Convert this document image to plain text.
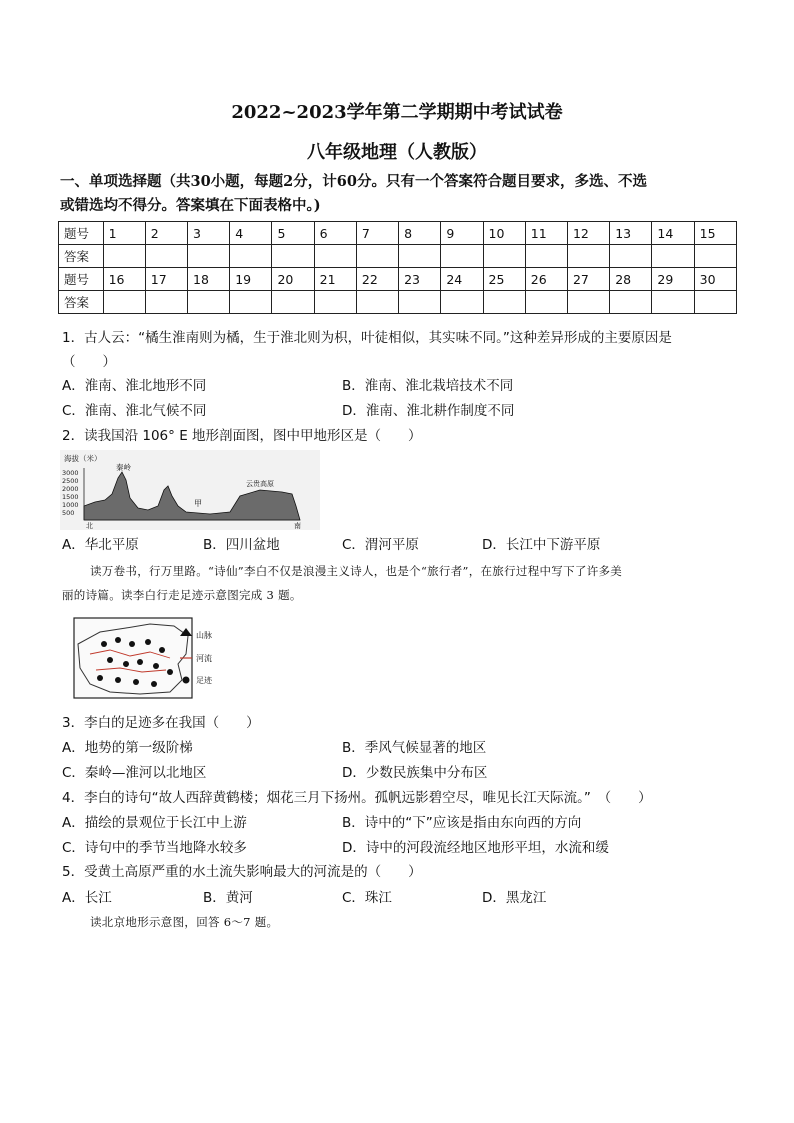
2022~2023学年第二学期期中考试试卷
八年级地理（人教版）
一、单项选择题（共30小题，每题2分，计60分。只有一个答案符合题目要求，多选、不选
或错选均不得分。答案填在下面表格中。)
题号	1	2	3	4	5	6	7	8	9	10	11	12	13	14	15
答案															
题号	16	17	18	19	20	21	22	23	24	25	26	27	28	29	30
答案															
1．古人云：“橘生淮南则为橘，生于淮北则为枳，叶徒相似，其实味不同。”这种差异形成的主要原因是
（　　）
A．淮南、淮北地形不同	B．淮南、淮北栽培技术不同
C．淮南、淮北气候不同	D．淮南、淮北耕作制度不同
2．读我国沿 106° E 地形剖面图，图中甲地形区是（　　）
海拔（米）
3000
2500
2000
1500
1000
500
秦岭
甲
云贵高原
北	南
A．华北平原	B．四川盆地	C．渭河平原	D．长江中下游平原
读万卷书，行万里路。“诗仙”李白不仅是浪漫主义诗人，也是个“旅行者”，在旅行过程中写下了许多美
丽的诗篇。读李白行走足迹示意图完成 3 题。
山脉
河流
足迹
3．李白的足迹多在我国（　　）
A．地势的第一级阶梯	B．季风气候显著的地区
C．秦岭—淮河以北地区	D．少数民族集中分布区
4．李白的诗句“故人西辞黄鹤楼；烟花三月下扬州。孤帆远影碧空尽，唯见长江天际流。”　（　　）
A．描绘的景观位于长江中上游	B．诗中的“下”应该是指由东向西的方向
C．诗句中的季节当地降水较多	D．诗中的河段流经地区地形平坦，水流和缓
5．受黄土高原严重的水土流失影响最大的河流是的（　　）
A．长江	B．黄河	C．珠江	D．黑龙江
读北京地形示意图，回答 6～7 题。
